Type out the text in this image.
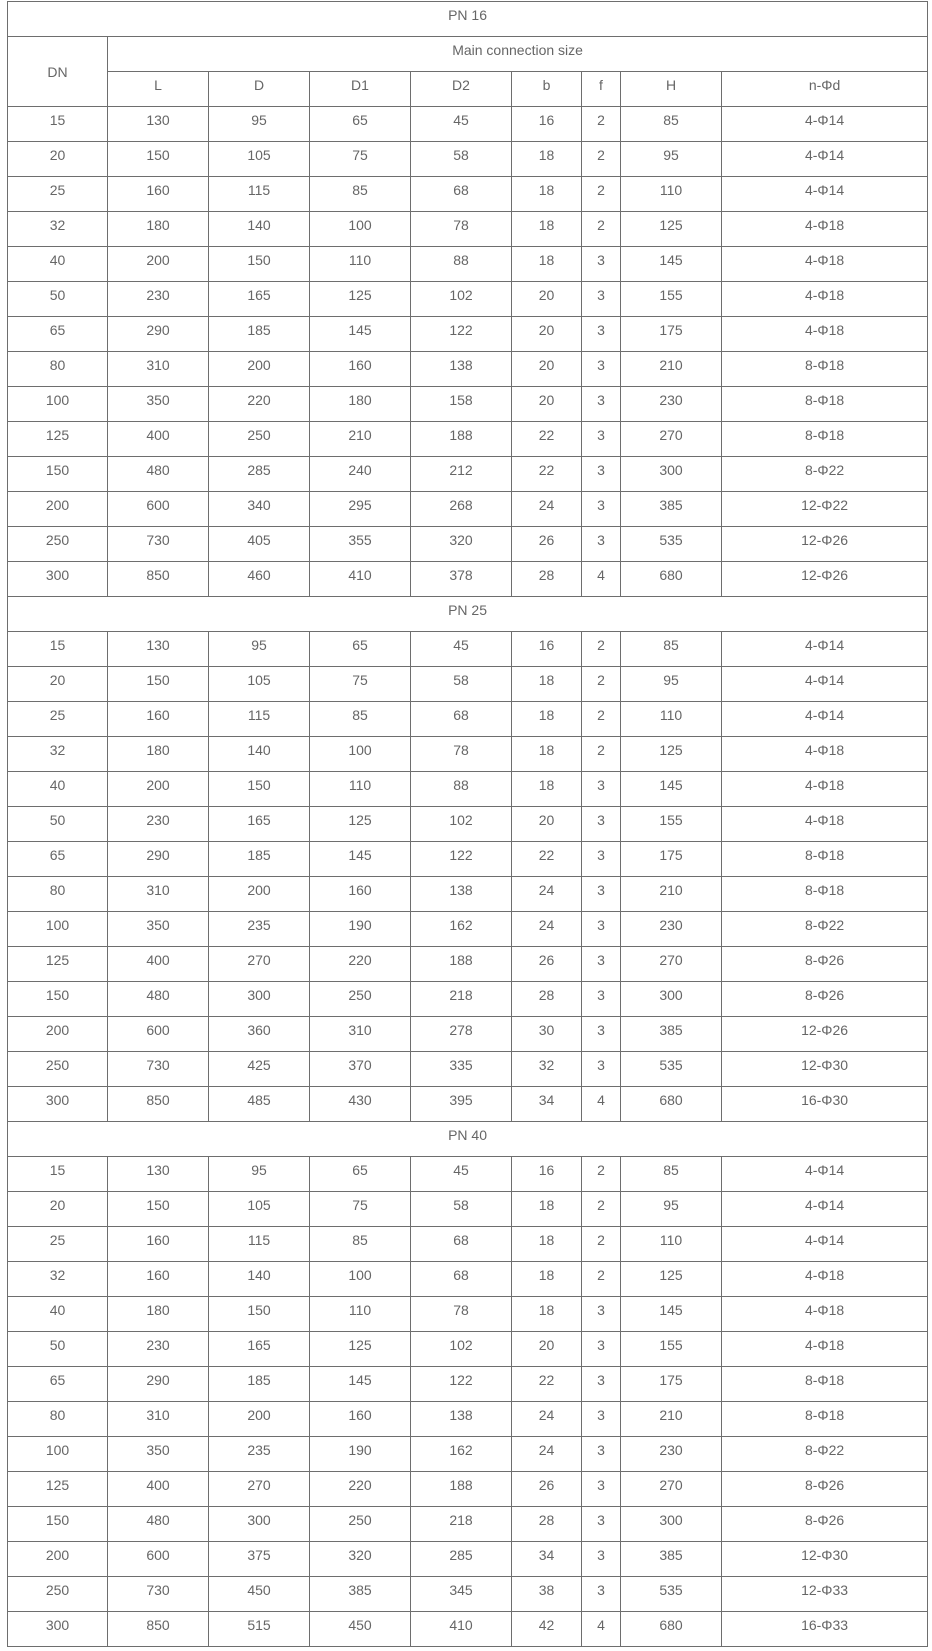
PN 16								
DN	Main connection size							
	L	D	D1	D2	b	f	H	n-Φd
15	130	95	65	45	16	2	85	4-Φ14
20	150	105	75	58	18	2	95	4-Φ14
25	160	115	85	68	18	2	110	4-Φ14
32	180	140	100	78	18	2	125	4-Φ18
40	200	150	110	88	18	3	145	4-Φ18
50	230	165	125	102	20	3	155	4-Φ18
65	290	185	145	122	20	3	175	4-Φ18
80	310	200	160	138	20	3	210	8-Φ18
100	350	220	180	158	20	3	230	8-Φ18
125	400	250	210	188	22	3	270	8-Φ18
150	480	285	240	212	22	3	300	8-Φ22
200	600	340	295	268	24	3	385	12-Φ22
250	730	405	355	320	26	3	535	12-Φ26
300	850	460	410	378	28	4	680	12-Φ26
PN 25								
15	130	95	65	45	16	2	85	4-Φ14
20	150	105	75	58	18	2	95	4-Φ14
25	160	115	85	68	18	2	110	4-Φ14
32	180	140	100	78	18	2	125	4-Φ18
40	200	150	110	88	18	3	145	4-Φ18
50	230	165	125	102	20	3	155	4-Φ18
65	290	185	145	122	22	3	175	8-Φ18
80	310	200	160	138	24	3	210	8-Φ18
100	350	235	190	162	24	3	230	8-Φ22
125	400	270	220	188	26	3	270	8-Φ26
150	480	300	250	218	28	3	300	8-Φ26
200	600	360	310	278	30	3	385	12-Φ26
250	730	425	370	335	32	3	535	12-Φ30
300	850	485	430	395	34	4	680	16-Φ30
PN 40								
15	130	95	65	45	16	2	85	4-Φ14
20	150	105	75	58	18	2	95	4-Φ14
25	160	115	85	68	18	2	110	4-Φ14
32	160	140	100	68	18	2	125	4-Φ18
40	180	150	110	78	18	3	145	4-Φ18
50	230	165	125	102	20	3	155	4-Φ18
65	290	185	145	122	22	3	175	8-Φ18
80	310	200	160	138	24	3	210	8-Φ18
100	350	235	190	162	24	3	230	8-Φ22
125	400	270	220	188	26	3	270	8-Φ26
150	480	300	250	218	28	3	300	8-Φ26
200	600	375	320	285	34	3	385	12-Φ30
250	730	450	385	345	38	3	535	12-Φ33
300	850	515	450	410	42	4	680	16-Φ33
